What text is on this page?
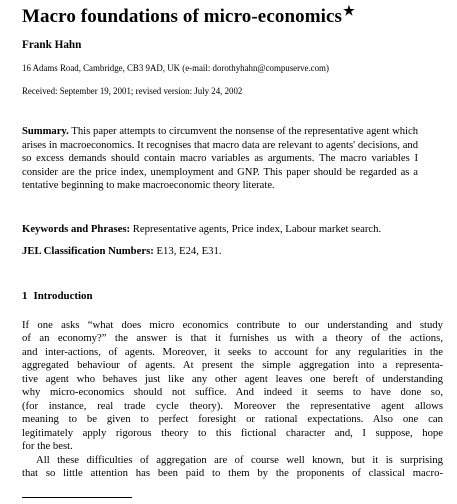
Macro foundations of micro-economics★
Frank Hahn
16 Adams Road, Cambridge, CB3 9AD, UK (e-mail: dorothyhahn@compuserve.com)
Received: September 19, 2001; revised version: July 24, 2002
Summary. This paper attempts to circumvent the nonsense of the representative agent which arises in macroeconomics. It recognises that macro data are relevant to agents' decisions, and so excess demands should contain macro variables as arguments. The macro variables I consider are the price index, unemployment and GNP. This paper should be regarded as a tentative beginning to make macroeconomic theory literate.
Keywords and Phrases: Representative agents, Price index, Labour market search.
JEL Classification Numbers: E13, E24, E31.
1 Introduction
If one asks “what does micro economics contribute to our understanding and study
of an economy?” the answer is that it furnishes us with a theory of the actions,
and inter-actions, of agents. Moreover, it seeks to account for any regularities in the
aggregated behaviour of agents. At present the simple aggregation into a representa-
tive agent who behaves just like any other agent leaves one bereft of understanding
why micro-economics should not suffice. And indeed it seems to have done so,
(for instance, real trade cycle theory). Moreover the representative agent allows
meaning to be given to perfect foresight or rational expectations. Also one can
legitimately apply rigorous theory to this fictional character and, I suppose, hope
for the best.
All these difficulties of aggregation are of course well known, but it is surprising
that so little attention has been paid to them by the proponents of classical macro-
